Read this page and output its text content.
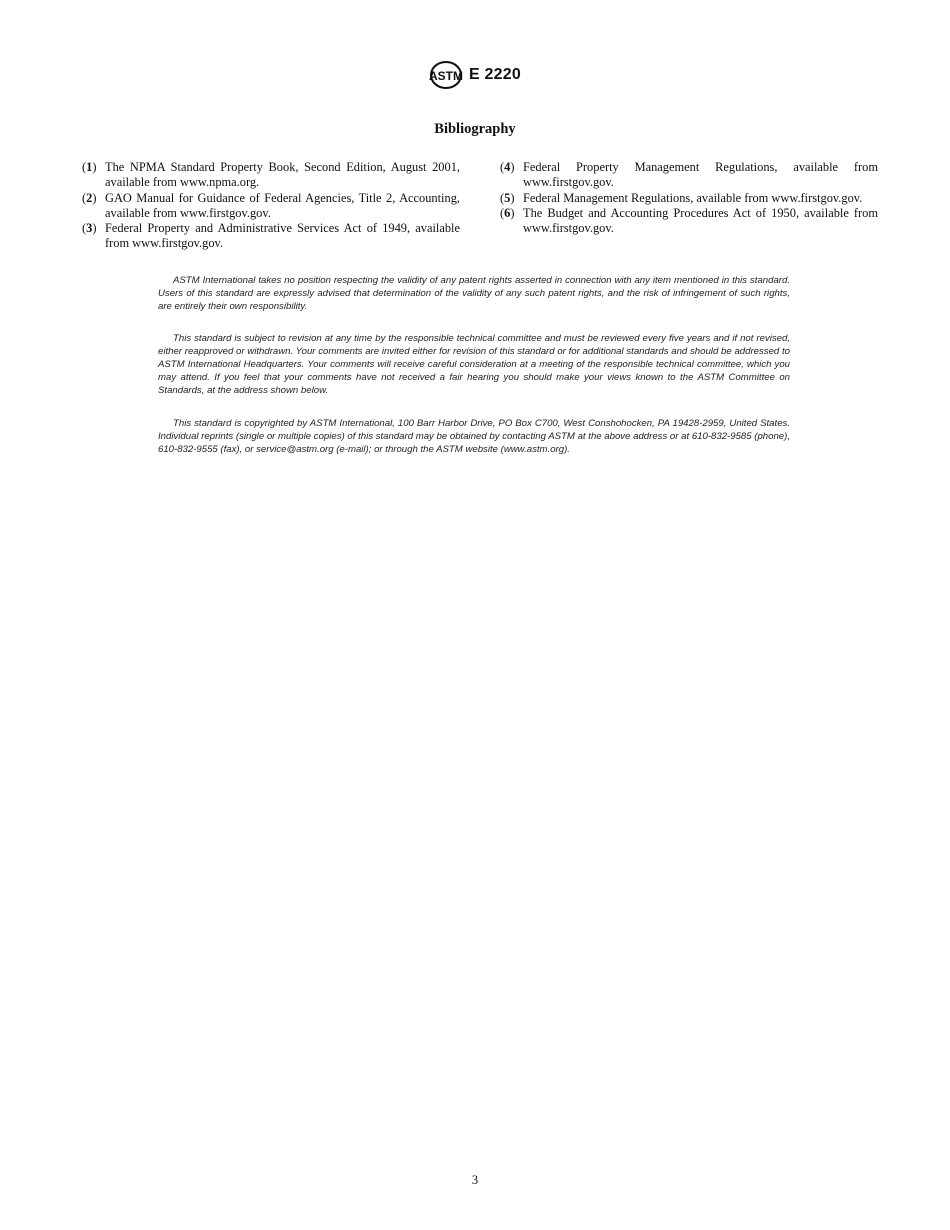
ASTM E 2220
Bibliography
(1) The NPMA Standard Property Book, Second Edition, August 2001, available from www.npma.org.
(2) GAO Manual for Guidance of Federal Agencies, Title 2, Accounting, available from www.firstgov.gov.
(3) Federal Property and Administrative Services Act of 1949, available from www.firstgov.gov.
(4) Federal Property Management Regulations, available from www.firstgov.gov.
(5) Federal Management Regulations, available from www.firstgov.gov.
(6) The Budget and Accounting Procedures Act of 1950, available from www.firstgov.gov.

ASTM International takes no position respecting the validity of any patent rights asserted in connection with any item mentioned in this standard. Users of this standard are expressly advised that determination of the validity of any such patent rights, and the risk of infringement of such rights, are entirely their own responsibility.

This standard is subject to revision at any time by the responsible technical committee and must be reviewed every five years and if not revised, either reapproved or withdrawn. Your comments are invited either for revision of this standard or for additional standards and should be addressed to ASTM International Headquarters. Your comments will receive careful consideration at a meeting of the responsible technical committee, which you may attend. If you feel that your comments have not received a fair hearing you should make your views known to the ASTM Committee on Standards, at the address shown below.

This standard is copyrighted by ASTM International, 100 Barr Harbor Drive, PO Box C700, West Conshohocken, PA 19428-2959, United States. Individual reprints (single or multiple copies) of this standard may be obtained by contacting ASTM at the above address or at 610-832-9585 (phone), 610-832-9555 (fax), or service@astm.org (e-mail); or through the ASTM website (www.astm.org).

3
